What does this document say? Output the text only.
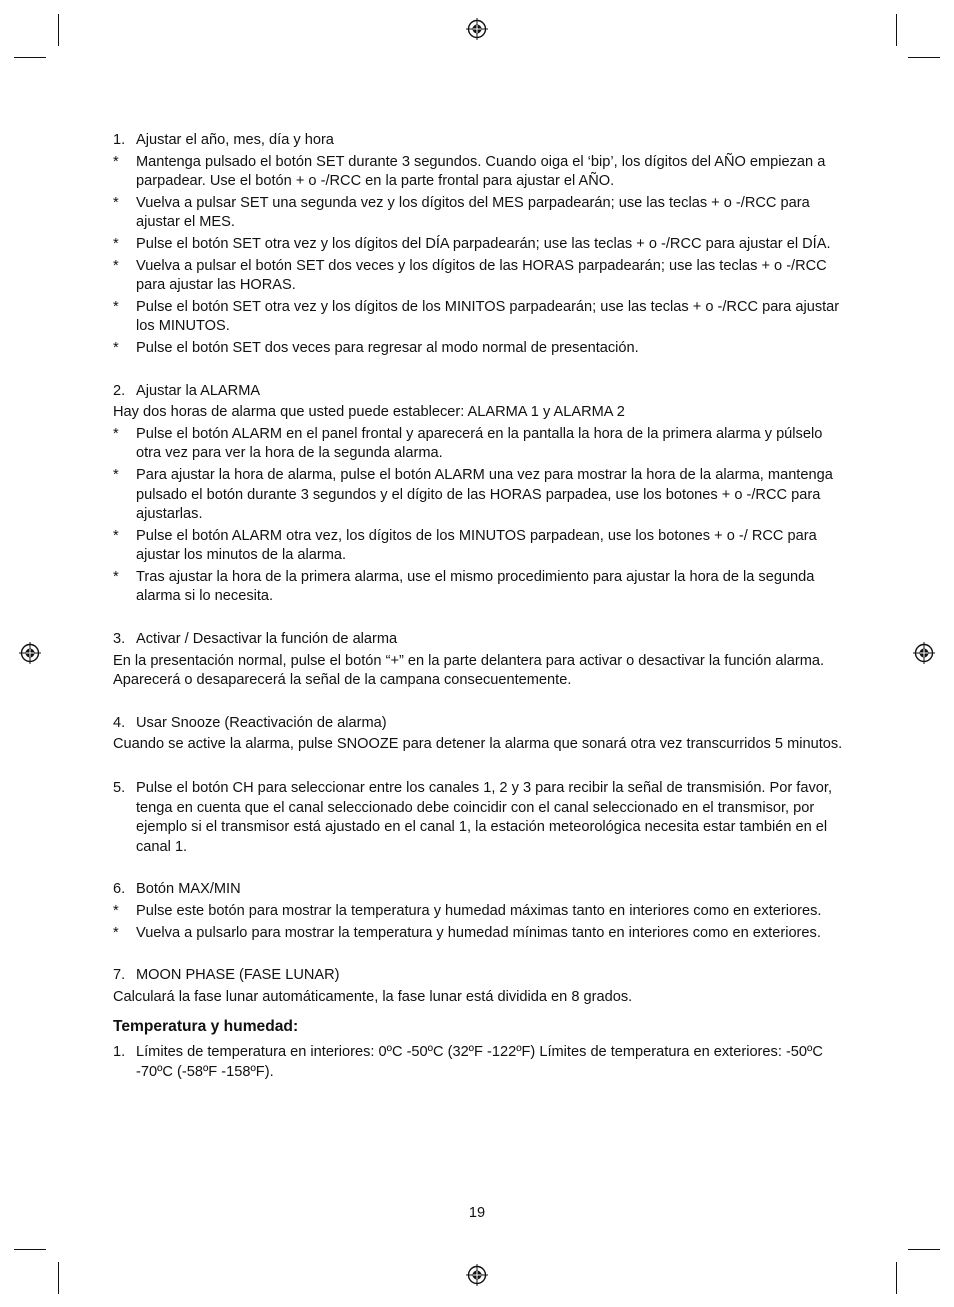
1. Ajustar el año, mes, día y hora

* Mantenga pulsado el botón SET durante 3 segundos. Cuando oiga el ‘bip’, los dígitos del AÑO empiezan a parpadear. Use el botón + o -/RCC en la parte frontal para ajustar el AÑO.

* Vuelva a pulsar SET una segunda vez y los dígitos del MES parpadearán; use las teclas + o -/RCC para ajustar el MES.

* Pulse el botón SET otra vez y los dígitos del DÍA parpadearán; use las teclas + o -/RCC para ajustar el DÍA.

* Vuelva a pulsar el botón SET dos veces y los dígitos de las HORAS parpadearán; use las teclas + o -/RCC para ajustar las HORAS.

* Pulse el botón SET otra vez y los dígitos de los MINITOS parpadearán; use las teclas + o -/RCC para ajustar los MINUTOS.

* Pulse el botón SET dos veces para regresar al modo normal de presentación.

2. Ajustar la ALARMA

Hay dos horas de alarma que usted puede establecer: ALARMA 1 y ALARMA 2

* Pulse el botón ALARM en el panel frontal y aparecerá en la pantalla la hora de la primera alarma y púlselo otra vez para ver la hora de la segunda alarma.

* Para ajustar la hora de alarma, pulse el botón ALARM una vez para mostrar la hora de la alarma, mantenga pulsado el botón durante 3 segundos y el dígito de las HORAS parpadea, use los botones + o -/RCC para ajustarlas.

* Pulse el botón ALARM otra vez, los dígitos de los MINUTOS parpadean, use los botones + o -/ RCC para ajustar los minutos de la alarma.

* Tras ajustar la hora de la primera alarma, use el mismo procedimiento para ajustar la hora de la segunda alarma si lo necesita.

3. Activar / Desactivar la función de alarma

En la presentación normal, pulse el botón “+” en la parte delantera para activar o desactivar la función alarma. Aparecerá o desaparecerá la señal de la campana consecuentemente.

4. Usar Snooze (Reactivación de alarma)

Cuando se active la alarma, pulse SNOOZE para detener la alarma que sonará otra vez transcurridos 5 minutos.

5. Pulse el botón CH para seleccionar entre los canales 1, 2 y 3 para recibir la señal de transmisión. Por favor, tenga en cuenta que el canal seleccionado debe coincidir con el canal seleccionado en el transmisor, por ejemplo si el transmisor está ajustado en el canal 1, la estación meteorológica necesita estar también en el canal 1.

6. Botón MAX/MIN

* Pulse este botón para mostrar la temperatura y humedad máximas tanto en interiores como en exteriores.

* Vuelva a pulsarlo para mostrar la temperatura y humedad mínimas tanto en interiores como en exteriores.

7. MOON PHASE (FASE LUNAR)

Calculará la fase lunar automáticamente, la fase lunar está dividida en 8 grados.

Temperatura y humedad:

1. Límites de temperatura en interiores: 0ºC -50ºC (32ºF -122ºF) Límites de temperatura en exteriores: -50ºC -70ºC (-58ºF -158ºF).

19
